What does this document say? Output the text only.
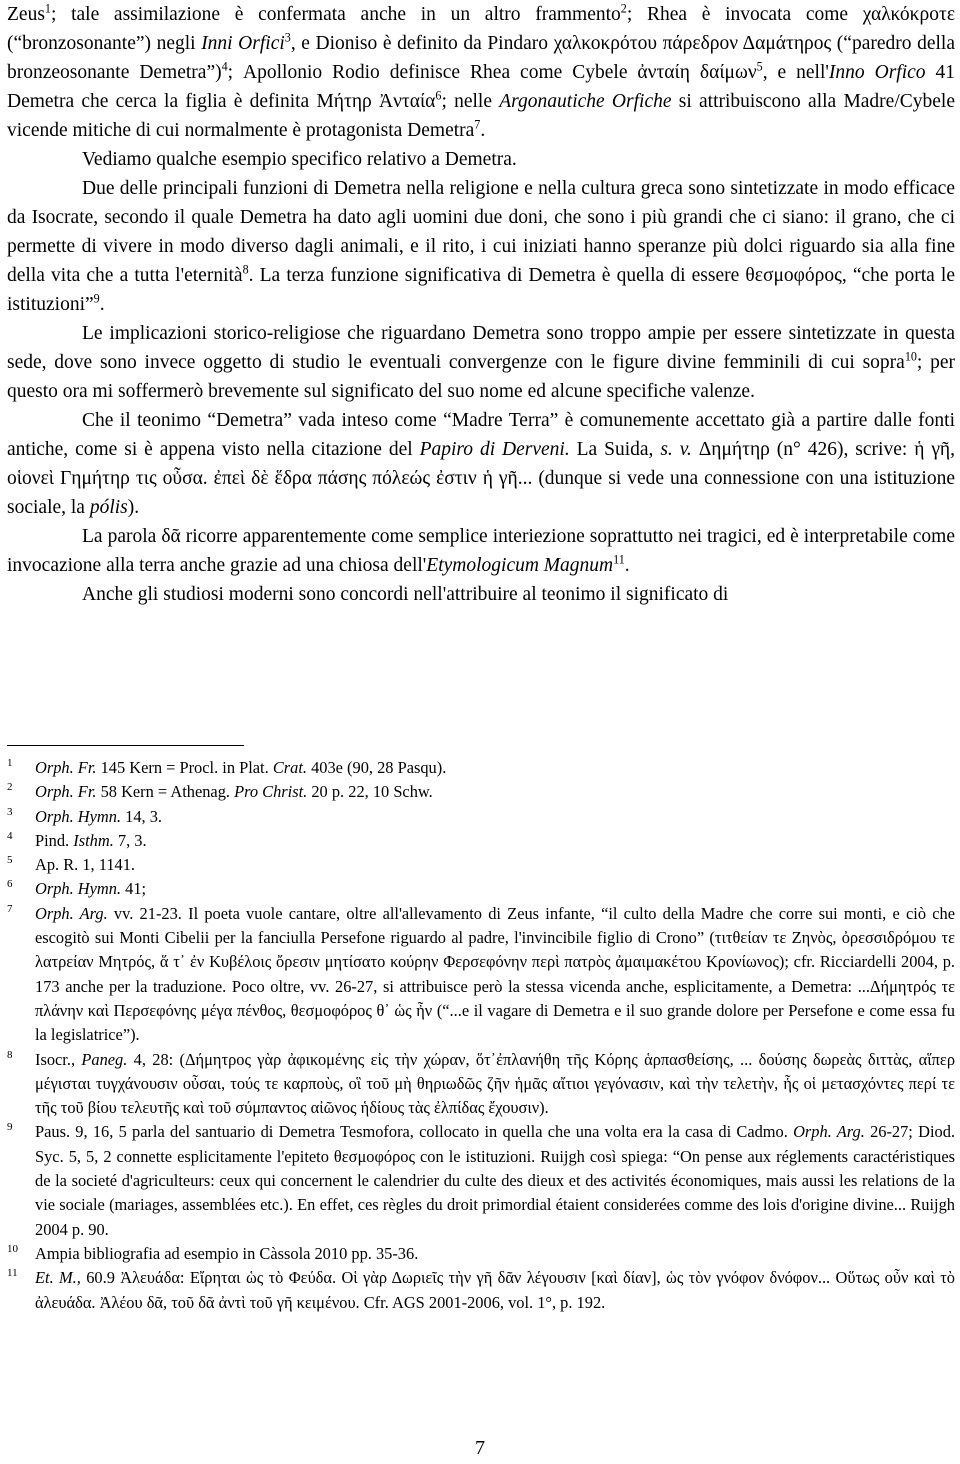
Zeus$^1$; tale assimilazione è confermata anche in un altro frammento$^2$; Rhea è invocata come χαλκόκροτε (“bronzosonante”) negli Inni Orfici$^3$, e Dioniso è definito da Pindaro χαλκοκρότου πάρεδρον Δαμάτηρος (“paredro della bronzeosonante Demetra”)$^4$; Apollonio Rodio definisce Rhea come Cybele ἀνταίη δαίμων$^5$, e nell'Inno Orfico 41 Demetra che cerca la figlia è definita Μήτηρ Ἀνταία$^6$; nelle Argonautiche Orfiche si attribuiscono alla Madre/Cybele vicende mitiche di cui normalmente è protagonista Demetra$^7$.

Vediamo qualche esempio specifico relativo a Demetra.

Due delle principali funzioni di Demetra nella religione e nella cultura greca sono sintetizzate in modo efficace da Isocrate, secondo il quale Demetra ha dato agli uomini due doni, che sono i più grandi che ci siano: il grano, che ci permette di vivere in modo diverso dagli animali, e il rito, i cui iniziati hanno speranze più dolci riguardo sia alla fine della vita che a tutta l'eternità$^8$. La terza funzione significativa di Demetra è quella di essere θεσμοφόρος, “che porta le istituzioni”$^9$.

Le implicazioni storico-religiose che riguardano Demetra sono troppo ampie per essere sintetizzate in questa sede, dove sono invece oggetto di studio le eventuali convergenze con le figure divine femminili di cui sopra$^{10}$; per questo ora mi soffermerò brevemente sul significato del suo nome ed alcune specifiche valenze.

Che il teonimo “Demetra” vada inteso come “Madre Terra” è comunemente accettato già a partire dalle fonti antiche, come si è appena visto nella citazione del Papiro di Derveni. La Suida, s. v. Δημήτηρ (n° 426), scrive: ἡ γῆ, οἱονεὶ Γημήτηρ τις οὖσα. ἐπεὶ δὲ ἕδρα πάσης πόλεώς ἐστιν ἡ γῆ... (dunque si vede una connessione con una istituzione sociale, la pólis).

La parola δᾶ ricorre apparentemente come semplice interiezione soprattutto nei tragici, ed è interpretabile come invocazione alla terra anche grazie ad una chiosa dell'Etymologicum Magnum$^{11}$.

Anche gli studiosi moderni sono concordi nell'attribuire al teonimo il significato di

1 Orph. Fr. 145 Kern = Procl. in Plat. Crat. 403e (90, 28 Pasqu).
2 Orph. Fr. 58 Kern = Athenag. Pro Christ. 20 p. 22, 10 Schw.
3 Orph. Hymn. 14, 3.
4 Pind. Isthm. 7, 3.
5 Ap. R. 1, 1141.
6 Orph. Hymn. 41;
7 Orph. Arg. vv. 21-23. Il poeta vuole cantare, oltre all'allevamento di Zeus infante, “il culto della Madre che corre sui monti, e ciò che escogitò sui Monti Cibelii per la fanciulla Persefone riguardo al padre, l'invincibile figlio di Crono” (τιτθείαν τε Ζηνὸς, ὀρεσσιδρόμου τε λατρείαν Μητρός, ἅ τ᾽ ἐν Κυβέλοις ὄρεσιν μητίσατο κούρην Φερσεφόνην περὶ πατρὸς ἀμαιμακέτου Κρονίωνος); cfr. Ricciardelli 2004, p. 173 anche per la traduzione. Poco oltre, vv. 26-27, si attribuisce però la stessa vicenda anche, esplicitamente, a Demetra: ...Δήμητρός τε πλάνην καὶ Περσεφόνης μέγα πένθος, θεσμοφόρος θ᾽ ὡς ἦν (“...e il vagare di Demetra e il suo grande dolore per Persefone e come essa fu la legislatrice”).
8 Isocr., Paneg. 4, 28: (Δήμητρος γὰρ ἀφικομένης εἰς τὴν χώραν, ὅτ᾽ἐπλανήθη τῆς Κόρης ἁρπασθείσης, ... δούσης δωρεὰς διττὰς, αἵπερ μέγισται τυγχάνουσιν οὖσαι, τούς τε καρποὺς, οἳ τοῦ μὴ θηριωδῶς ζῆν ἡμᾶς αἴτιοι γεγόνασιν, καὶ τὴν τελετὴν, ἧς οἱ μετασχόντες περί τε τῆς τοῦ βίου τελευτῆς καὶ τοῦ σύμπαντος αἰῶνος ἡδίους τὰς ἐλπίδας ἔχουσιν).
9 Paus. 9, 16, 5 parla del santuario di Demetra Tesmofora, collocato in quella che una volta era la casa di Cadmo. Orph. Arg. 26-27; Diod. Syc. 5, 5, 2 connette esplicitamente l'epiteto θεσμοφόρος con le istituzioni. Ruijgh così spiega: “On pense aux réglements caractéristiques de la societé d'agriculteurs: ceux qui concernent le calendrier du culte des dieux et des activités économiques, mais aussi les relations de la vie sociale (mariages, assemblées etc.). En effet, ces règles du droit primordial étaient considerées comme des lois d'origine divine... Ruijgh 2004 p. 90.
10 Ampia bibliografia ad esempio in Càssola 2010 pp. 35-36.
11 Et. M., 60.9 Ἀλευάδα: Εἴρηται ὡς τὸ Φεύδα. Οἱ γὰρ Δωριεῖς τὴν γῆ δᾶν λέγουσιν [καὶ δίαν], ὡς τὸν γνόφον δνόφον... Οὕτως οὖν καὶ τὸ ἀλευάδα. Ἀλέου δᾶ, τοῦ δᾶ ἀντὶ τοῦ γῆ κειμένου. Cfr. AGS 2001-2006, vol. 1°, p. 192.
7
